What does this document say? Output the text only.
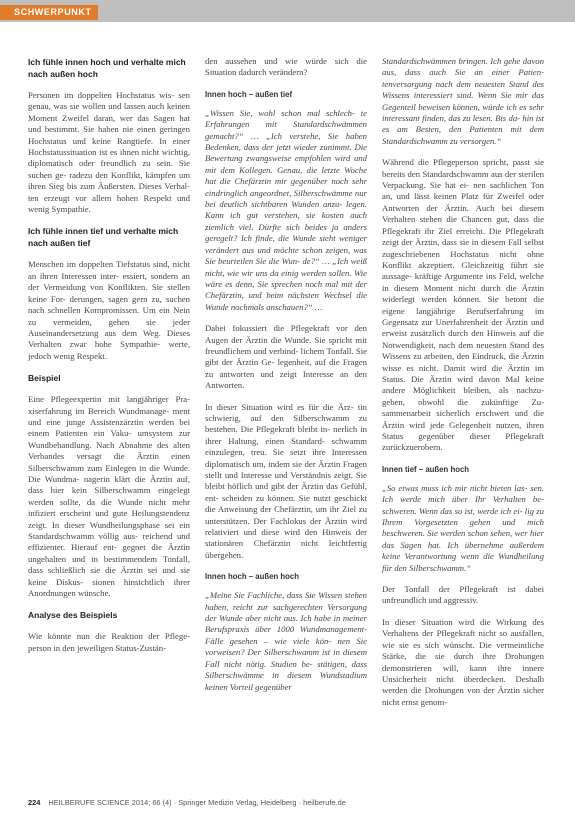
SCHWERPUNKT
Ich fühle innen hoch und verhalte mich nach außen hoch
Personen im doppelten Hochstatus wis- sen genau, was sie wollen und lassen auch keinen Moment Zweifel daran, wer das Sagen hat und bestimmt. Sie haben nie einen geringen Hochstatus und keine Rangtiefe. In einer Hochstatussituation ist es ihnen nicht wichtig, diplomatisch oder freundlich zu sein. Sie suchen ge- radezu den Konflikt, kämpfen um ihren Sieg bis zum Äußersten. Dieses Verhal- ten erzeugt vor allem hohen Respekt und wenig Sympathie.
Ich fühle innen tief und verhalte mich nach außen tief
Menschen im doppelten Tiefstatus sind, nicht an ihren Interessen inter- essiert, sondern an der Vermeidung von Konflikten. Sie stellen keine For- derungen, sagen gern zu, suchen nach schnellen Kompromissen. Um ein Nein zu vermeiden, gehen sie jeder Auseinandersetzung aus dem Weg. Dieses Verhalten zwar hohe Sympathie- werte, jedoch wenig Respekt.
Beispiel
Eine Pflegeexpertin mit langjähriger Pra- xiserfahrung im Bereich Wundmanage- ment und eine junge Assistenzärztin werden bei einem Patienten ein Vaku- umsystem zur Wundbehandlung. Nach Abnahme des alten Verbandes versagt die Ärztin einen Silberschwamm zum Einlegen in die Wunde. Die Wundma- nagerin klärt die Ärztin auf, dass hier kein Silberschwamm eingelegt werden sollte, da die Wunde nicht mehr infiziert erscheint und gute Heilungstendenz zeigt. In dieser Wundheilungsphase sei ein Standardschwamm völlig aus- reichend und effizienter. Hierauf ent- gegnet die Ärztin ungehalten und in bestimmendem Tonfall, dass schließlich sie die Ärztin sei und sie keine Diskus- sionen hinsichtlich ihrer Anordnungen wünsche.
Analyse des Beispiels
Wie könnte nun die Reaktion der Pflege- person in den jeweiligen Status-Zustän-
den aussehen und wie würde sich die Situation dadurch verändern?
Innen hoch – außen tief
„Wissen Sie, wohl schon mal schlech- te Erfahrungen mit Standardschwämmen gemacht?“ … „Ich verstehe, Sie haben Bedenken, dass der jetzt wieder zunimmt. Die Bewertung zwangsweise empfohlen wird und mit dem Kollegen. Genau, die letzte Woche hat die Chefärztin mir gegenüber noch sehr eindringlich angeordnet, Silberschwämme nur bei deutlich sichtbaren Wunden anzu- legen. Kann ich gut verstehen, sie kosten auch ziemlich viel. Dürfte sich beides ja anders geregelt? Ich finde, die Wunde sieht weniger verändert aus und möchte schon zeigen, was Sie beurteilen Sie die Wun- de?“ … „Ich weiß nicht, wie wir uns da einig werden sollen. Wie wäre es denn, Sie sprechen noch mal mit der Chefärztin, und beim nächsten Wechsel die Wunde nochmals anschauen?“ …
Dabei fokussiert die Pflegekraft vor den Augen der Ärztin die Wunde. Sie spricht mit freundlichem und verbind- lichem Tonfall. Sie gibt der Ärztin Ge- legenheit, auf die Fragen zu antworten und zeigt Interesse an den Antworten.
In dieser Situation wird es für die Ärz- tin schwierig, auf den Silberschwamm zu bestehen. Die Pflegekraft bleibt in- nerlich in ihrer Haltung, einen Standard- schwamm einzulegen, treu. Sie setzt ihre Interessen diplomatisch um, indem sie der Ärztin Fragen stellt und Interesse und Verständnis zeigt. Sie bleibt höflich und gibt der Ärztin das Gefühl, ent- scheiden zu können. Sie nutzt geschickt die Anweisung der Chefärztin, um ihr Ziel zu unterstützen. Der Fachlokus der Ärztin wird relativiert und diese wird den Hinweis der stationären Chefärztin nicht leichtfertig übergehen.
Innen hoch – außen hoch
„Meine Sie Fachliche, dass Sie Wissen stehen haben, reicht zur sachgerechten Versorgung der Wunde aber nicht aus. Ich habe in meiner Berufspraxis über 1000 Wundmanagement-Fälle gesehen – wie viele kön- nen Sie vorweisen? Der Silberschwamm ist in diesem Fall nicht nötig. Studien be- stätigen, dass Silberschwämme in diesem Wundstadium keinen Vorteil gegenüber
Standardschwämmen bringen. Ich gehe davon aus, dass auch Sie an einer Patien- tenversorgung nach dem neuesten Stand des Wissens interessiert sind. Wenn Sie mir das Gegenteil beweisen können, würde ich es sehr interessant finden, das zu lesen. Bis da- hin ist es am Besten, den Patienten mit dem Standardschwamm zu versorgen.“
Während die Pflegeperson spricht, passt sie bereits den Standardschwamm aus der sterilen Verpackung. Sie hat ei- nen sachlichen Ton an, und lässt keinen Platz für Zweifel oder Antworten der Ärztin. Auch bei diesem Verhalten stehen die Chancen gut, dass die Pflegekraft ihr Ziel erreicht. Die Pflegekraft zeigt der Ärztin, dass sie in diesem Fall selbst zugeschriebenen Hochstatus nicht ohne Konflikt akzeptiert. Gleichzeitig führt sie aussage- kräftige Argumente ins Feld, welche in diesem Moment nicht durch die Ärztin widerlegt werden können. Sie betont die eigene langjährige Berufserfahrung im Gegensatz zur Unerfahrenheit der Ärztin und erweist zusätzlich durch den Hinweis auf die Notwendigkeit, nach dem neuesten Stand des Wissens zu arbeiten, den Eindruck, die Ärztin wisse es nicht. Damit wird die Ärztin im Status. Die Ärztin wird davon Mal keine andere Möglichkeit bleiben, als nachzu- geben, obwohl die zukünftige Zu- sammenarbeit sicherlich erschwert und die Ärztin wird jede Gelegenheit nutzen, ihren Status gegenüber dieser Pflegekraft zurückzuerobern.
Innen tief – außen hoch
„So etwas muss ich mir nicht bieten las- sen. Ich werde mich über Ihr Verhalten be- schweren. Wenn das so ist, werde ich ei- lig zu Ihrem Vorgesetzten gehen und mich beschweren. Sie werden schon sehen, wer hier das Sagen hat. Ich übernehme außerdem keine Verantwortung wenn die Wundheilung für den Silberschwamm.“
Der Tonfall der Pflegekraft ist dabei unfreundlich und aggressiv.
In dieser Situation wird die Wirkung des Verhaltens der Pflegekraft nicht so ausfallen, wie sie es sich wünscht. Die vermeintliche Stärke, die sie durch ihre Drohungen demonstrieren will, kann ihre innere Unsicherheit nicht überdecken. Deshalb werden die Drohungen von der Ärztin sicher nicht ernst genom-
224 HEILBERUFE SCIENCE 2014; 66 (4) · Springer Medizin Verlag, Heidelberg · heilberufe.de
